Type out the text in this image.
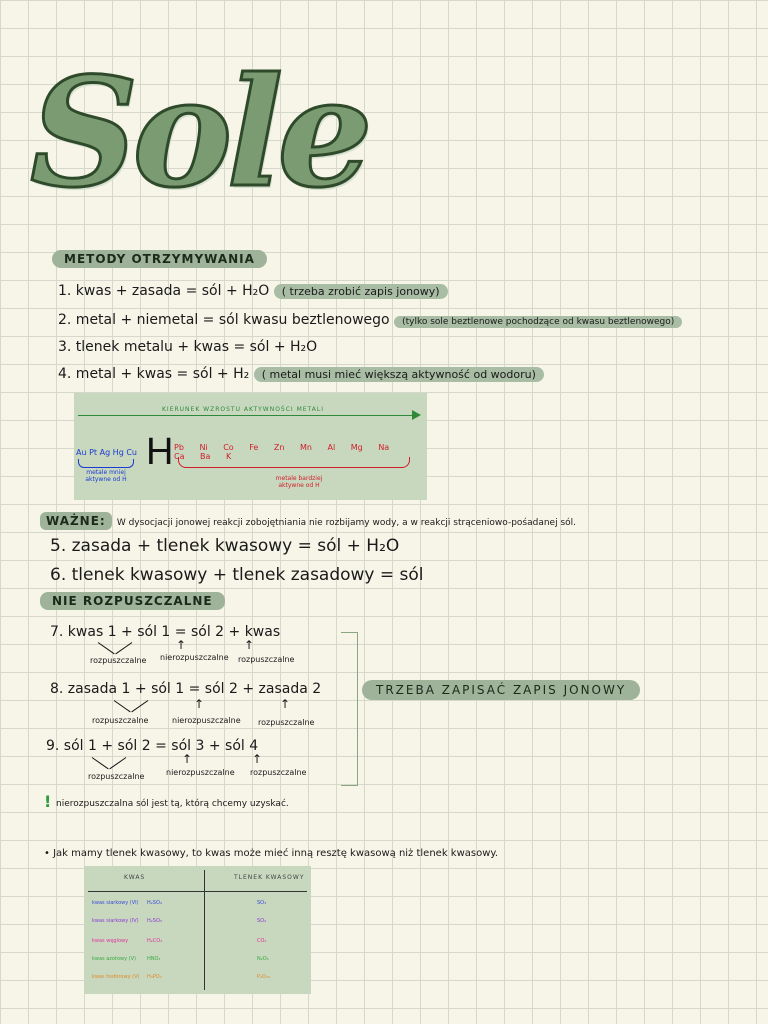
Sole
METODY OTRZYMYWANIA
1. kwas + zasada = sól + H₂O ( trzeba zrobić zapis jonowy)
2. metal + niemetal = sól kwasu beztlenowego (tylko sole beztlenowe pochodzące od kwasu beztlenowego)
3. tlenek metalu + kwas = sól + H₂O
4. metal + kwas = sól + H₂ ( metal musi mieć większą aktywność od wodoru)
KIERUNEK WZROSTU AKTYWNOŚCI METALI
Au Pt Ag Hg Cu
metale mniej aktywne od H
H Pb Ni Co Fe Zn Mn Al Mg Na Ca Ba K
metale bardziej aktywne od H
WAŻNE: W dysocjacji jonowej reakcji zobojętniania nie rozbijamy wody, a w reakcji strąceniowo-pośadanej sól.
5. zasada + tlenek kwasowy = sól + H₂O
6. tlenek kwasowy + tlenek zasadowy = sól
NIE ROZPUSZCZALNE
7. kwas 1 + sól 1 = sól 2 + kwas
↑	↑
rozpuszczalne nierozpuszczalne rozpuszczalne
8. zasada 1 + sól 1 = sól 2 + zasada 2
↑	↑
rozpuszczalne	nierozpuszczalne rozpuszczalne
9. sól 1 + sól 2 = sól 3 + sól 4
↑	↑
rozpuszczalne	nierozpuszczalne rozpuszczalne
TRZEBA ZAPISAĆ ZAPIS JONOWY
! nierozpuszczalna sól jest tą, którą chcemy uzyskać.
• Jak mamy tlenek kwasowy, to kwas może mieć inną resztę kwasową niż tlenek kwasowy.
KWAS	TLENEK KWASOWY
kwas siarkowy (VI) H₂SO₄	SO₃
kwas siarkowy (IV) H₂SO₃	SO₂
kwas węglowy	H₂CO₃	CO₂
kwas azotowy (V) HNO₃	N₂O₅
kwas fosforowy (V) H₃PO₄	P₄O₁₀
